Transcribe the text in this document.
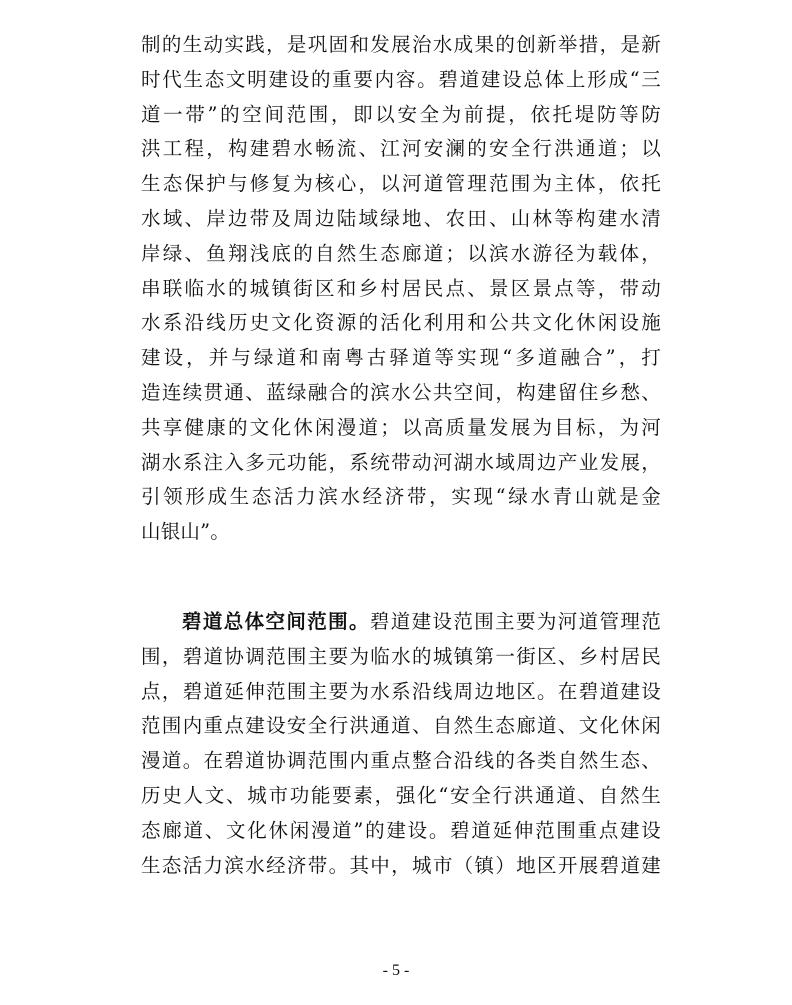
制的生动实践，是巩固和发展治水成果的创新举措，是新
时代生态文明建设的重要内容。碧道建设总体上形成“三
道一带”的空间范围，即以安全为前提，依托堤防等防
洪工程，构建碧水畅流、江河安澜的安全行洪通道；以
生态保护与修复为核心，以河道管理范围为主体，依托
水域、岸边带及周边陆域绿地、农田、山林等构建水清
岸绿、鱼翔浅底的自然生态廊道；以滨水游径为载体，
串联临水的城镇街区和乡村居民点、景区景点等，带动
水系沿线历史文化资源的活化利用和公共文化休闲设施
建设，并与绿道和南粤古驿道等实现“多道融合”，打
造连续贯通、蓝绿融合的滨水公共空间，构建留住乡愁、
共享健康的文化休闲漫道；以高质量发展为目标，为河
湖水系注入多元功能，系统带动河湖水域周边产业发展，
引领形成生态活力滨水经济带，实现“绿水青山就是金
山银山”。
碧道总体空间范围。碧道建设范围主要为河道管理范
围，碧道协调范围主要为临水的城镇第一街区、乡村居民
点，碧道延伸范围主要为水系沿线周边地区。在碧道建设
范围内重点建设安全行洪通道、自然生态廊道、文化休闲
漫道。在碧道协调范围内重点整合沿线的各类自然生态、
历史人文、城市功能要素，强化“安全行洪通道、自然生
态廊道、文化休闲漫道”的建设。碧道延伸范围重点建设
生态活力滨水经济带。其中，城市（镇）地区开展碧道建
- 5 -
